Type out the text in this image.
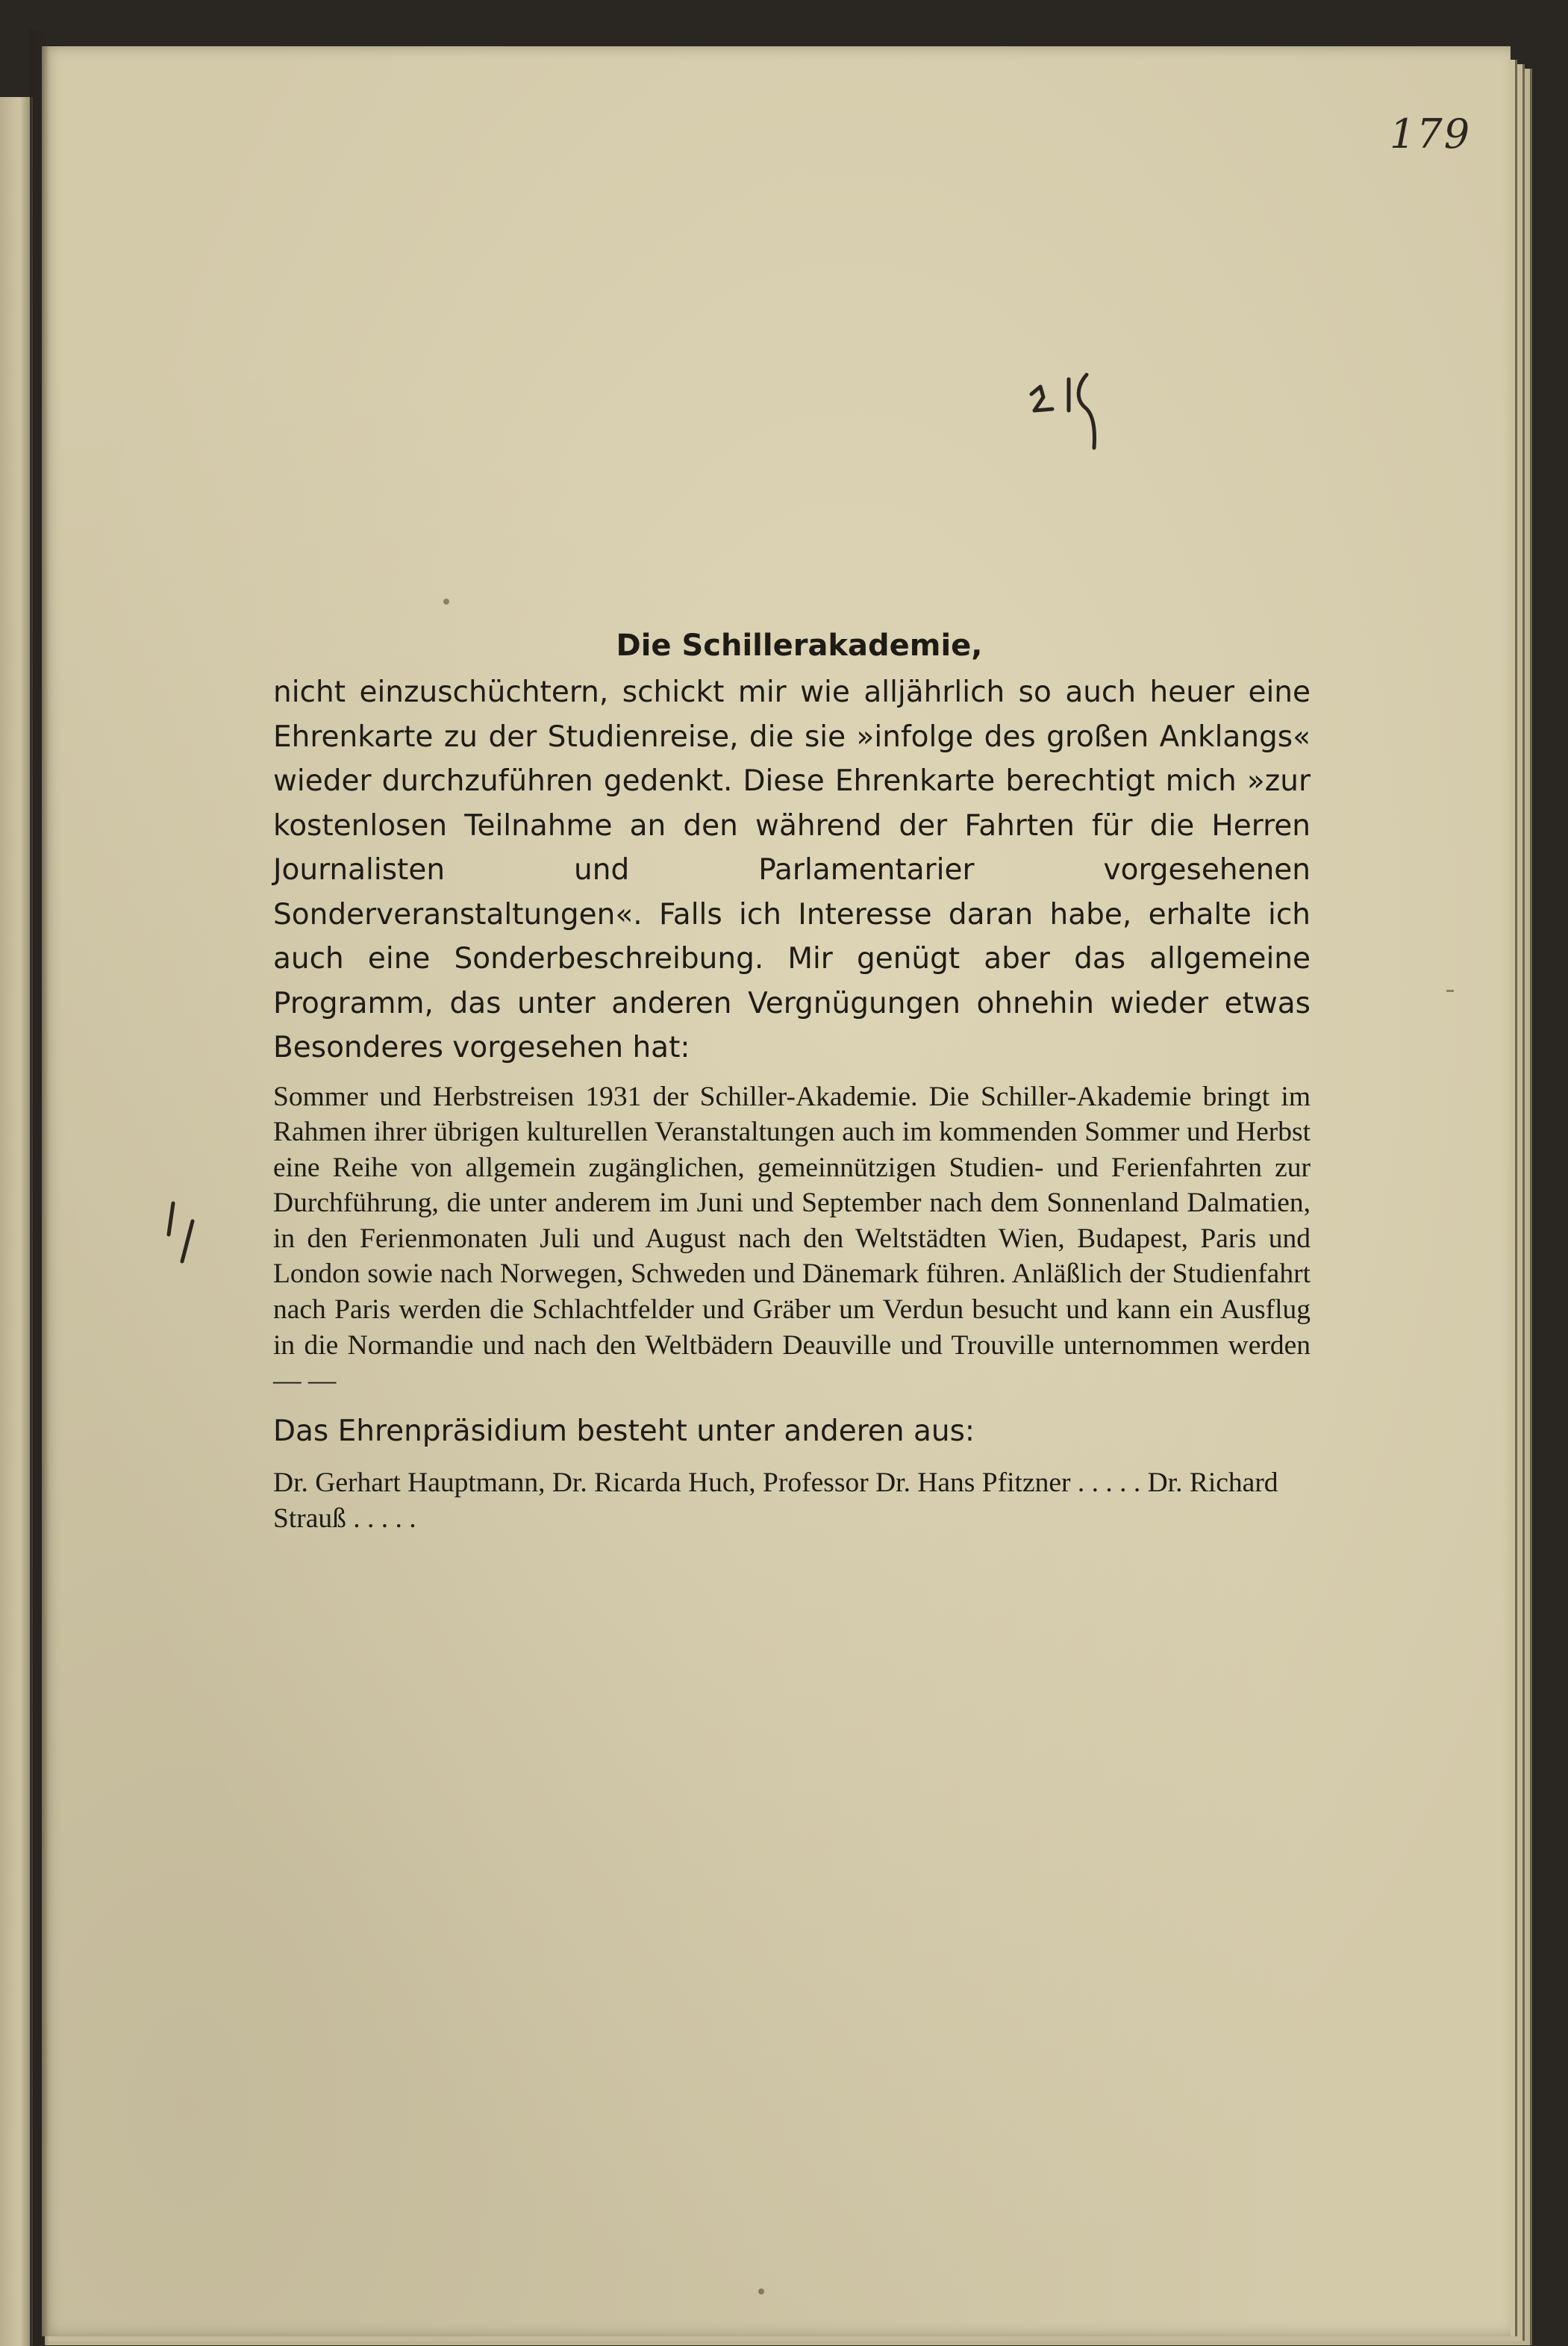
179
Die Schillerakademie,

nicht einzuschüchtern, schickt mir wie alljährlich so auch heuer eine Ehrenkarte zu der Studienreise, die sie »infolge des großen Anklangs« wieder durchzuführen gedenkt. Diese Ehrenkarte berechtigt mich »zur kostenlosen Teilnahme an den während der Fahrten für die Herren Journalisten und Parlamentarier vorgesehenen Sonderveranstaltungen«. Falls ich Interesse daran habe, erhalte ich auch eine Sonderbeschreibung. Mir genügt aber das allgemeine Programm, das unter anderen Vergnügungen ohnehin wieder etwas Besonderes vorgesehen hat:

Sommer und Herbstreisen 1931 der Schiller-Akademie. Die Schiller-Akademie bringt im Rahmen ihrer übrigen kulturellen Veranstaltungen auch im kommenden Sommer und Herbst eine Reihe von allgemein zugänglichen, gemeinnützigen Studien- und Ferienfahrten zur Durchführung, die unter anderem im Juni und September nach dem Sonnenland Dalmatien, in den Ferienmonaten Juli und August nach den Weltstädten Wien, Budapest, Paris und London sowie nach Norwegen, Schweden und Dänemark führen. Anläßlich der Studienfahrt nach Paris werden die Schlachtfelder und Gräber um Verdun besucht und kann ein Ausflug in die Normandie und nach den Weltbädern Deauville und Trouville unternommen werden — —

Das Ehrenpräsidium besteht unter anderen aus:

Dr. Gerhart Hauptmann, Dr. Ricarda Huch, Professor Dr. Hans Pfitzner . . . . . Dr. Richard Strauß . . . . .
